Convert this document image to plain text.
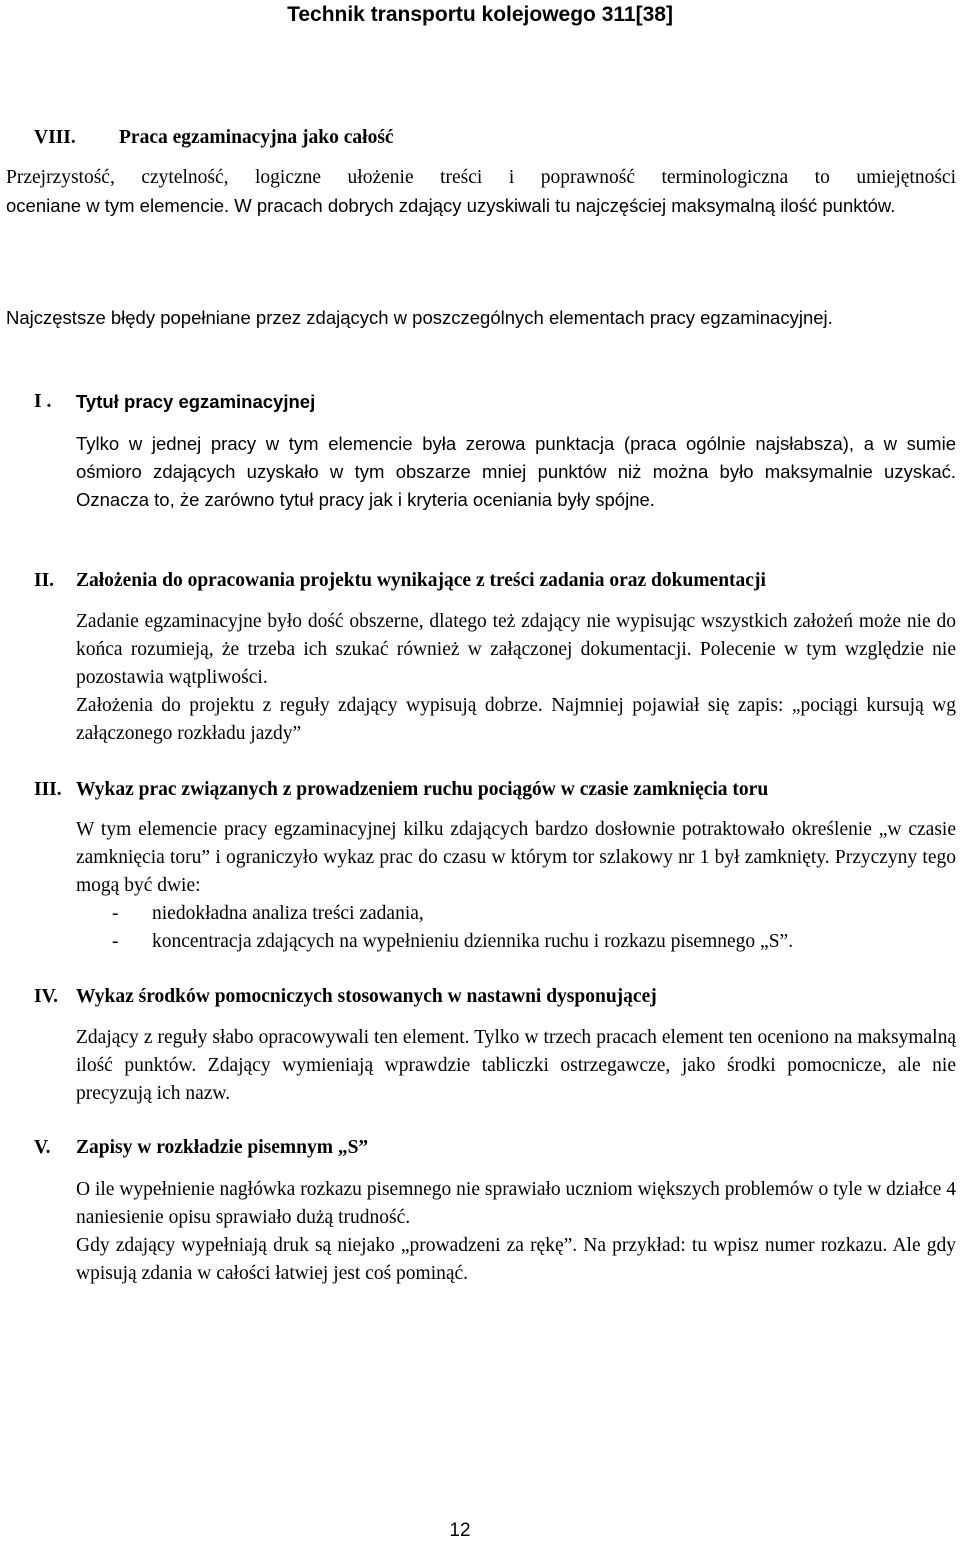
Technik transportu kolejowego 311[38]
VIII. Praca egzaminacyjna jako całość

Przejrzystość, czytelność, logiczne ułożenie treści i poprawność terminologiczna to umiejętności

oceniane w tym elemencie. W pracach dobrych zdający uzyskiwali tu najczęściej maksymalną ilość punktów.

Najczęstsze błędy popełniane przez zdających w poszczególnych elementach pracy egzaminacyjnej.
I . Tytuł pracy egzaminacyjnej
Tylko w jednej pracy w tym elemencie była zerowa punktacja (praca ogólnie najsłabsza), a w sumie ośmioro zdających uzyskało w tym obszarze mniej punktów niż można było maksymalnie uzyskać. Oznacza to, że zarówno tytuł pracy jak i kryteria oceniania były spójne.
II. Założenia do opracowania projektu wynikające z treści zadania oraz dokumentacji

Zadanie egzaminacyjne było dość obszerne, dlatego też zdający nie wypisując wszystkich założeń może nie do końca rozumieją, że trzeba ich szukać również w załączonej dokumentacji. Polecenie w tym względzie nie pozostawia wątpliwości.

Założenia do projektu z reguły zdający wypisują dobrze. Najmniej pojawiał się zapis: „pociągi kursują wg załączonego rozkładu jazdy”

III. Wykaz prac związanych z prowadzeniem ruchu pociągów w czasie zamknięcia toru

W tym elemencie pracy egzaminacyjnej kilku zdających bardzo dosłownie potraktowało określenie „w czasie zamknięcia toru” i ograniczyło wykaz prac do czasu w którym tor szlakowy nr 1 był zamknięty. Przyczyny tego mogą być dwie:

- niedokładna analiza treści zadania,

- koncentracja zdających na wypełnieniu dziennika ruchu i rozkazu pisemnego „S”.

IV. Wykaz środków pomocniczych stosowanych w nastawni dysponującej
Zdający z reguły słabo opracowywali ten element. Tylko w trzech pracach element ten oceniono na maksymalną ilość punktów. Zdający wymieniają wprawdzie tabliczki ostrzegawcze, jako środki pomocnicze, ale nie precyzują ich nazw.
V. Zapisy w rozkładzie pisemnym „S”

O ile wypełnienie nagłówka rozkazu pisemnego nie sprawiało uczniom większych problemów o tyle w działce 4 naniesienie opisu sprawiało dużą trudność.

Gdy zdający wypełniają druk są niejako „prowadzeni za rękę”. Na przykład: tu wpisz numer rozkazu. Ale gdy wpisują zdania w całości łatwiej jest coś pominąć.

12
